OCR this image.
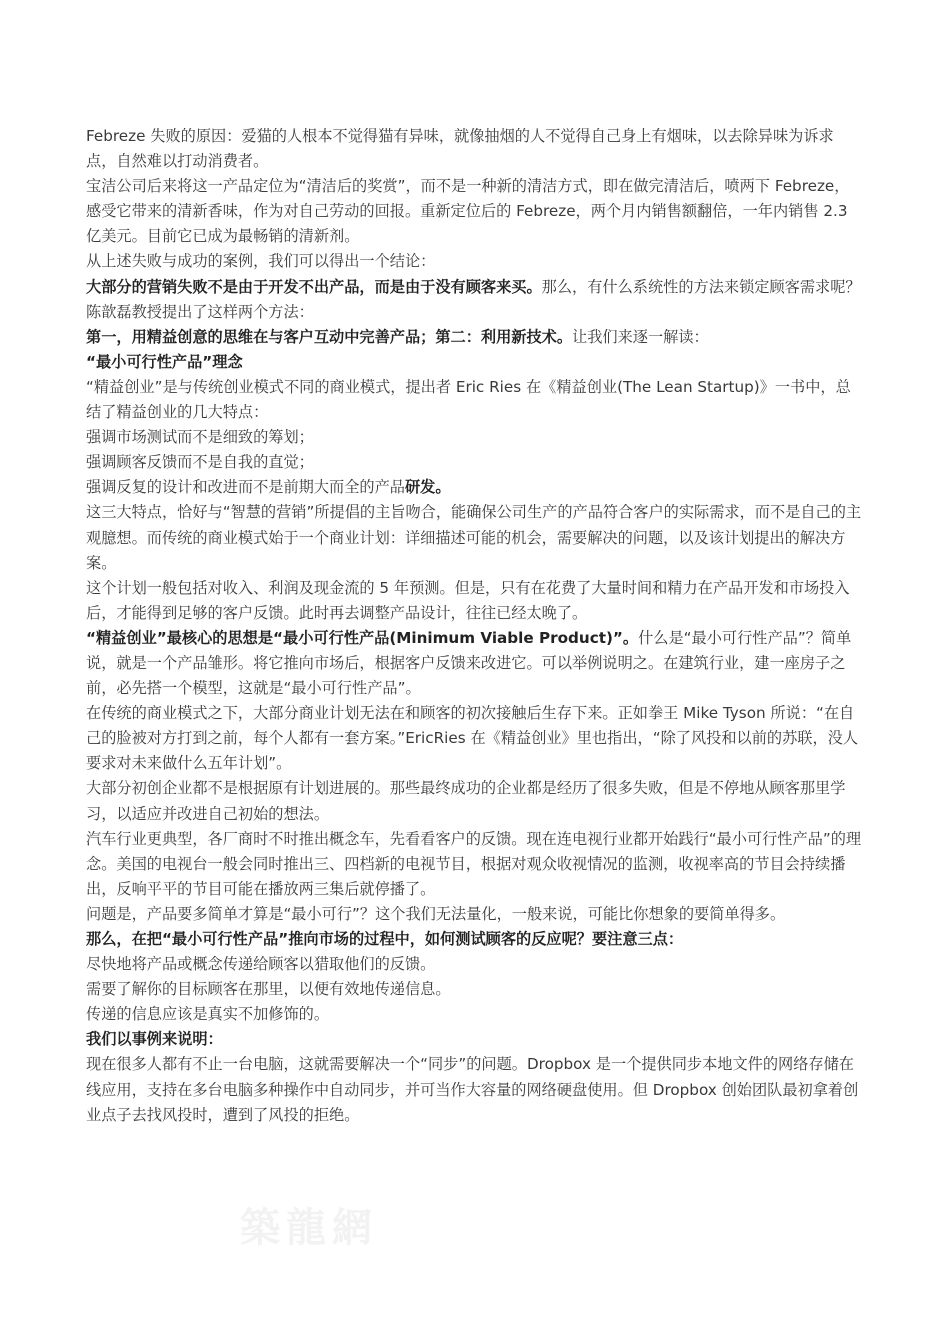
Febreze 失败的原因：爱猫的人根本不觉得猫有异味，就像抽烟的人不觉得自己身上有烟味，以去除异味为诉求点，自然难以打动消费者。

宝洁公司后来将这一产品定位为“清洁后的奖赏”，而不是一种新的清洁方式，即在做完清洁后，喷两下 Febreze，感受它带来的清新香味，作为对自己劳动的回报。重新定位后的 Febreze，两个月内销售额翻倍，一年内销售 2.3 亿美元。目前它已成为最畅销的清新剂。

从上述失败与成功的案例，我们可以得出一个结论：

大部分的营销失败不是由于开发不出产品，而是由于没有顾客来买。那么，有什么系统性的方法来锁定顾客需求呢？

陈歆磊教授提出了这样两个方法：

第一，用精益创意的思维在与客户互动中完善产品；第二：利用新技术。让我们来逐一解读：

“最小可行性产品”理念

“精益创业”是与传统创业模式不同的商业模式，提出者 Eric Ries 在《精益创业(The Lean Startup)》一书中，总结了精益创业的几大特点：

强调市场测试而不是细致的筹划；

强调顾客反馈而不是自我的直觉；

强调反复的设计和改进而不是前期大而全的产品研发。

这三大特点，恰好与“智慧的营销”所提倡的主旨吻合，能确保公司生产的产品符合客户的实际需求，而不是自己的主观臆想。而传统的商业模式始于一个商业计划：详细描述可能的机会，需要解决的问题，以及该计划提出的解决方案。

这个计划一般包括对收入、利润及现金流的 5 年预测。但是，只有在花费了大量时间和精力在产品开发和市场投入后，才能得到足够的客户反馈。此时再去调整产品设计，往往已经太晚了。

“精益创业”最核心的思想是“最小可行性产品(Minimum Viable Product)”。什么是“最小可行性产品”？简单说，就是一个产品雏形。将它推向市场后，根据客户反馈来改进它。可以举例说明之。在建筑行业，建一座房子之前，必先搭一个模型，这就是“最小可行性产品”。

在传统的商业模式之下，大部分商业计划无法在和顾客的初次接触后生存下来。正如拳王 Mike Tyson 所说：“在自己的脸被对方打到之前，每个人都有一套方案。”EricRies 在《精益创业》里也指出，“除了风投和以前的苏联，没人要求对未来做什么五年计划”。

大部分初创企业都不是根据原有计划进展的。那些最终成功的企业都是经历了很多失败，但是不停地从顾客那里学习，以适应并改进自己初始的想法。

汽车行业更典型，各厂商时不时推出概念车，先看看客户的反馈。现在连电视行业都开始践行“最小可行性产品”的理念。美国的电视台一般会同时推出三、四档新的电视节目，根据对观众收视情况的监测，收视率高的节目会持续播出，反响平平的节目可能在播放两三集后就停播了。

问题是，产品要多简单才算是“最小可行”？这个我们无法量化，一般来说，可能比你想象的要简单得多。

那么，在把“最小可行性产品”推向市场的过程中，如何测试顾客的反应呢？要注意三点：

尽快地将产品或概念传递给顾客以猎取他们的反馈。

需要了解你的目标顾客在那里，以便有效地传递信息。

传递的信息应该是真实不加修饰的。

我们以事例来说明：

现在很多人都有不止一台电脑，这就需要解决一个“同步”的问题。Dropbox 是一个提供同步本地文件的网络存储在线应用，支持在多台电脑多种操作中自动同步，并可当作大容量的网络硬盘使用。但 Dropbox 创始团队最初拿着创业点子去找风投时，遭到了风投的拒绝。

築龍網
